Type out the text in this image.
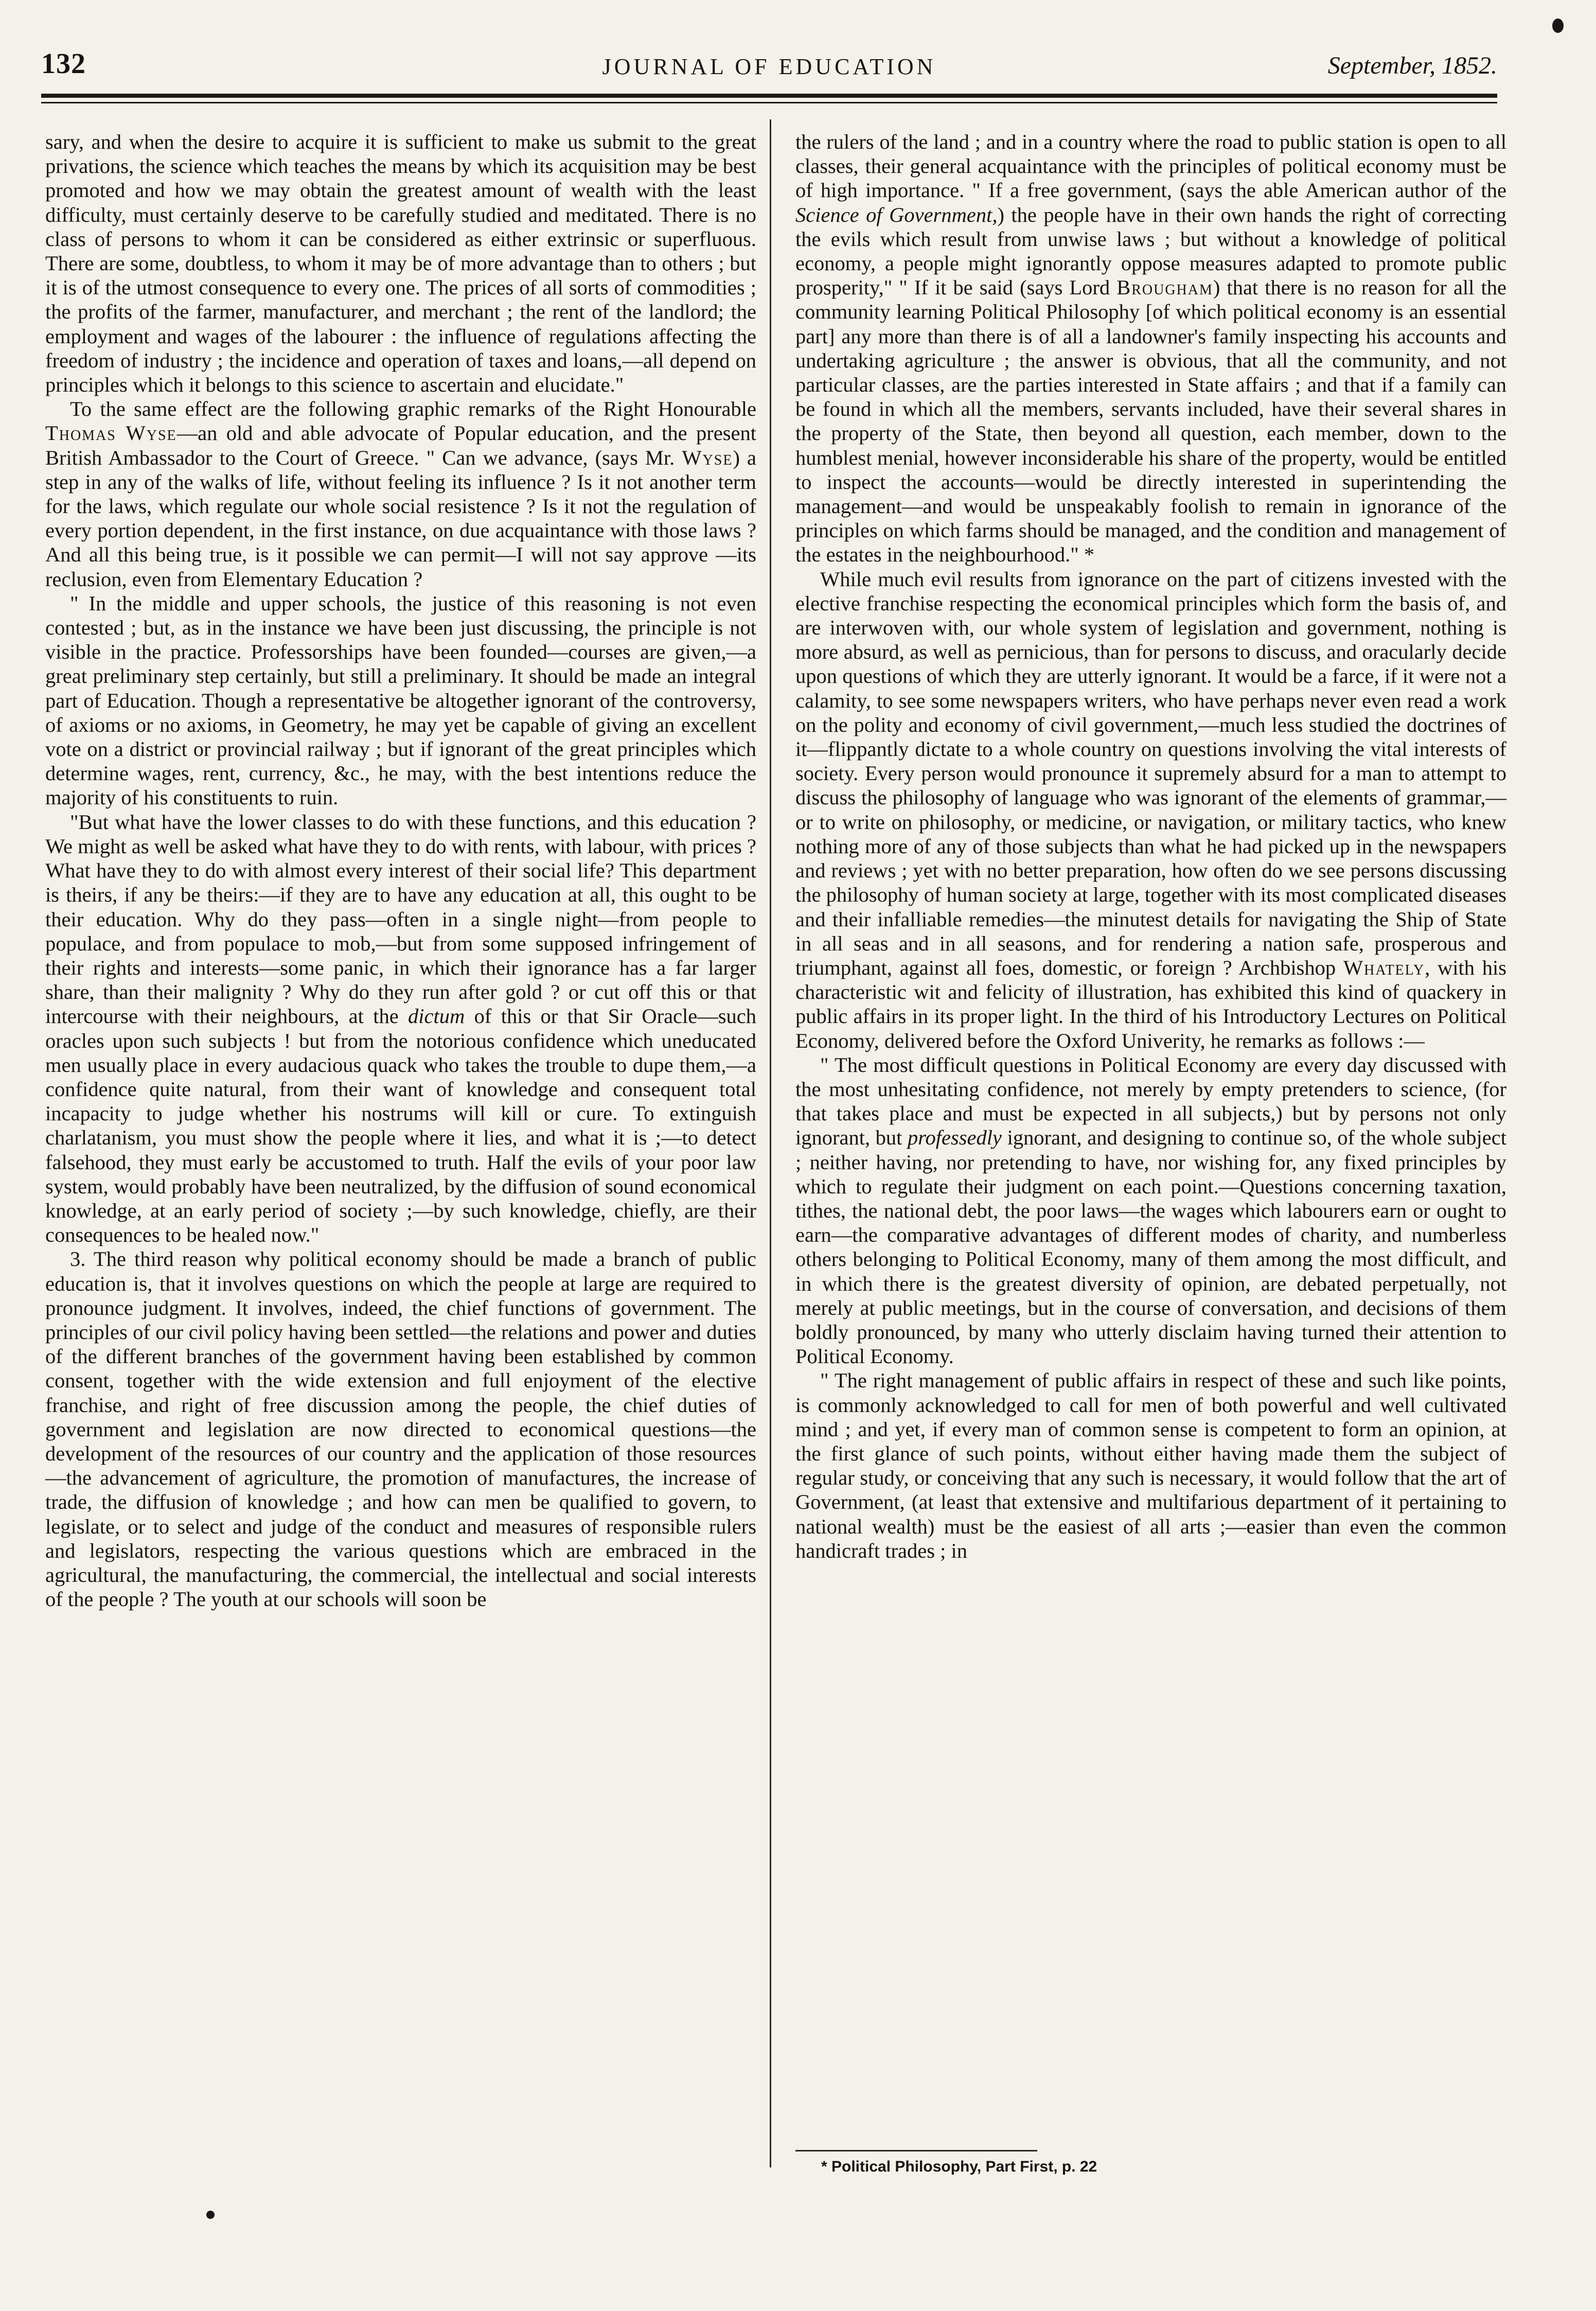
132	JOURNAL OF EDUCATION	September, 1852.

sary, and when the desire to acquire it is sufficient to make us submit to the great privations, the science which teaches the means by which its acquisition may be best promoted and how we may obtain the greatest amount of wealth with the least difficulty, must certainly deserve to be carefully studied and meditated. There is no class of persons to whom it can be considered as either extrinsic or superfluous. There are some, doubtless, to whom it may be of more advantage than to others ; but it is of the utmost consequence to every one. The prices of all sorts of commodities ; the profits of the farmer, manufacturer, and merchant ; the rent of the landlord; the employment and wages of the labourer : the influence of regulations affecting the freedom of industry ; the incidence and operation of taxes and loans,—all depend on principles which it belongs to this science to ascertain and elucidate."

To the same effect are the following graphic remarks of the Right Honourable Thomas Wyse—an old and able advocate of Popular education, and the present British Ambassador to the Court of Greece. " Can we advance, (says Mr. Wyse) a step in any of the walks of life, without feeling its influence ? Is it not another term for the laws, which regulate our whole social resistence ? Is it not the regulation of every portion dependent, in the first instance, on due acquaintance with those laws ? And all this being true, is it possible we can permit—I will not say approve —its reclusion, even from Elementary Education ?

" In the middle and upper schools, the justice of this reasoning is not even contested ; but, as in the instance we have been just discussing, the principle is not visible in the practice. Professorships have been founded—courses are given,—a great preliminary step certainly, but still a preliminary. It should be made an integral part of Education. Though a representative be altogether ignorant of the controversy, of axioms or no axioms, in Geometry, he may yet be capable of giving an excellent vote on a district or provincial railway ; but if ignorant of the great principles which determine wages, rent, currency, &c., he may, with the best intentions reduce the majority of his constituents to ruin.

"But what have the lower classes to do with these functions, and this education ? We might as well be asked what have they to do with rents, with labour, with prices ? What have they to do with almost every interest of their social life? This department is theirs, if any be theirs:—if they are to have any education at all, this ought to be their education. Why do they pass—often in a single night—from people to populace, and from populace to mob,—but from some supposed infringement of their rights and interests—some panic, in which their ignorance has a far larger share, than their malignity ? Why do they run after gold ? or cut off this or that intercourse with their neighbours, at the dictum of this or that Sir Oracle—such oracles upon such subjects ! but from the notorious confidence which uneducated men usually place in every audacious quack who takes the trouble to dupe them,—a confidence quite natural, from their want of knowledge and consequent total incapacity to judge whether his nostrums will kill or cure. To extinguish charlatanism, you must show the people where it lies, and what it is ;—to detect falsehood, they must early be accustomed to truth. Half the evils of your poor law system, would probably have been neutralized, by the diffusion of sound economical knowledge, at an early period of society ;—by such knowledge, chiefly, are their consequences to be healed now."

3. The third reason why political economy should be made a branch of public education is, that it involves questions on which the people at large are required to pronounce judgment. It involves, indeed, the chief functions of government. The principles of our civil policy having been settled—the relations and power and duties of the different branches of the government having been established by common consent, together with the wide extension and full enjoyment of the elective franchise, and right of free discussion among the people, the chief duties of government and legislation are now directed to economical questions—the development of the resources of our country and the application of those resources —the advancement of agriculture, the promotion of manufactures, the increase of trade, the diffusion of knowledge ; and how can men be qualified to govern, to legislate, or to select and judge of the conduct and measures of responsible rulers and legislators, respecting the various questions which are embraced in the agricultural, the manufacturing, the commercial, the intellectual and social interests of the people ? The youth at our schools will soon be

the rulers of the land ; and in a country where the road to public station is open to all classes, their general acquaintance with the principles of political economy must be of high importance. " If a free government, (says the able American author of the Science of Government,) the people have in their own hands the right of correcting the evils which result from unwise laws ; but without a knowledge of political economy, a people might ignorantly oppose measures adapted to promote public prosperity," " If it be said (says Lord Brougham) that there is no reason for all the community learning Political Philosophy [of which political economy is an essential part] any more than there is of all a landowner's family inspecting his accounts and undertaking agriculture ; the answer is obvious, that all the community, and not particular classes, are the parties interested in State affairs ; and that if a family can be found in which all the members, servants included, have their several shares in the property of the State, then beyond all question, each member, down to the humblest menial, however inconsiderable his share of the property, would be entitled to inspect the accounts—would be directly interested in superintending the management—and would be unspeakably foolish to remain in ignorance of the principles on which farms should be managed, and the condition and management of the estates in the neighbourhood." *

While much evil results from ignorance on the part of citizens invested with the elective franchise respecting the economical principles which form the basis of, and are interwoven with, our whole system of legislation and government, nothing is more absurd, as well as pernicious, than for persons to discuss, and oracularly decide upon questions of which they are utterly ignorant. It would be a farce, if it were not a calamity, to see some newspapers writers, who have perhaps never even read a work on the polity and economy of civil government,—much less studied the doctrines of it—flippantly dictate to a whole country on questions involving the vital interests of society. Every person would pronounce it supremely absurd for a man to attempt to discuss the philosophy of language who was ignorant of the elements of grammar,—or to write on philosophy, or medicine, or navigation, or military tactics, who knew nothing more of any of those subjects than what he had picked up in the newspapers and reviews ; yet with no better preparation, how often do we see persons discussing the philosophy of human society at large, together with its most complicated diseases and their infalliable remedies—the minutest details for navigating the Ship of State in all seas and in all seasons, and for rendering a nation safe, prosperous and triumphant, against all foes, domestic, or foreign ? Archbishop Whately, with his characteristic wit and felicity of illustration, has exhibited this kind of quackery in public affairs in its proper light. In the third of his Introductory Lectures on Political Economy, delivered before the Oxford Univerity, he remarks as follows :—

" The most difficult questions in Political Economy are every day discussed with the most unhesitating confidence, not merely by empty pretenders to science, (for that takes place and must be expected in all subjects,) but by persons not only ignorant, but professedly ignorant, and designing to continue so, of the whole subject ; neither having, nor pretending to have, nor wishing for, any fixed principles by which to regulate their judgment on each point.—Questions concerning taxation, tithes, the national debt, the poor laws—the wages which labourers earn or ought to earn—the comparative advantages of different modes of charity, and numberless others belonging to Political Economy, many of them among the most difficult, and in which there is the greatest diversity of opinion, are debated perpetually, not merely at public meetings, but in the course of conversation, and decisions of them boldly pronounced, by many who utterly disclaim having turned their attention to Political Economy.

" The right management of public affairs in respect of these and such like points, is commonly acknowledged to call for men of both powerful and well cultivated mind ; and yet, if every man of common sense is competent to form an opinion, at the first glance of such points, without either having made them the subject of regular study, or conceiving that any such is necessary, it would follow that the art of Government, (at least that extensive and multifarious department of it pertaining to national wealth) must be the easiest of all arts ;—easier than even the common handicraft trades ; in

* Political Philosophy, Part First, p. 22
